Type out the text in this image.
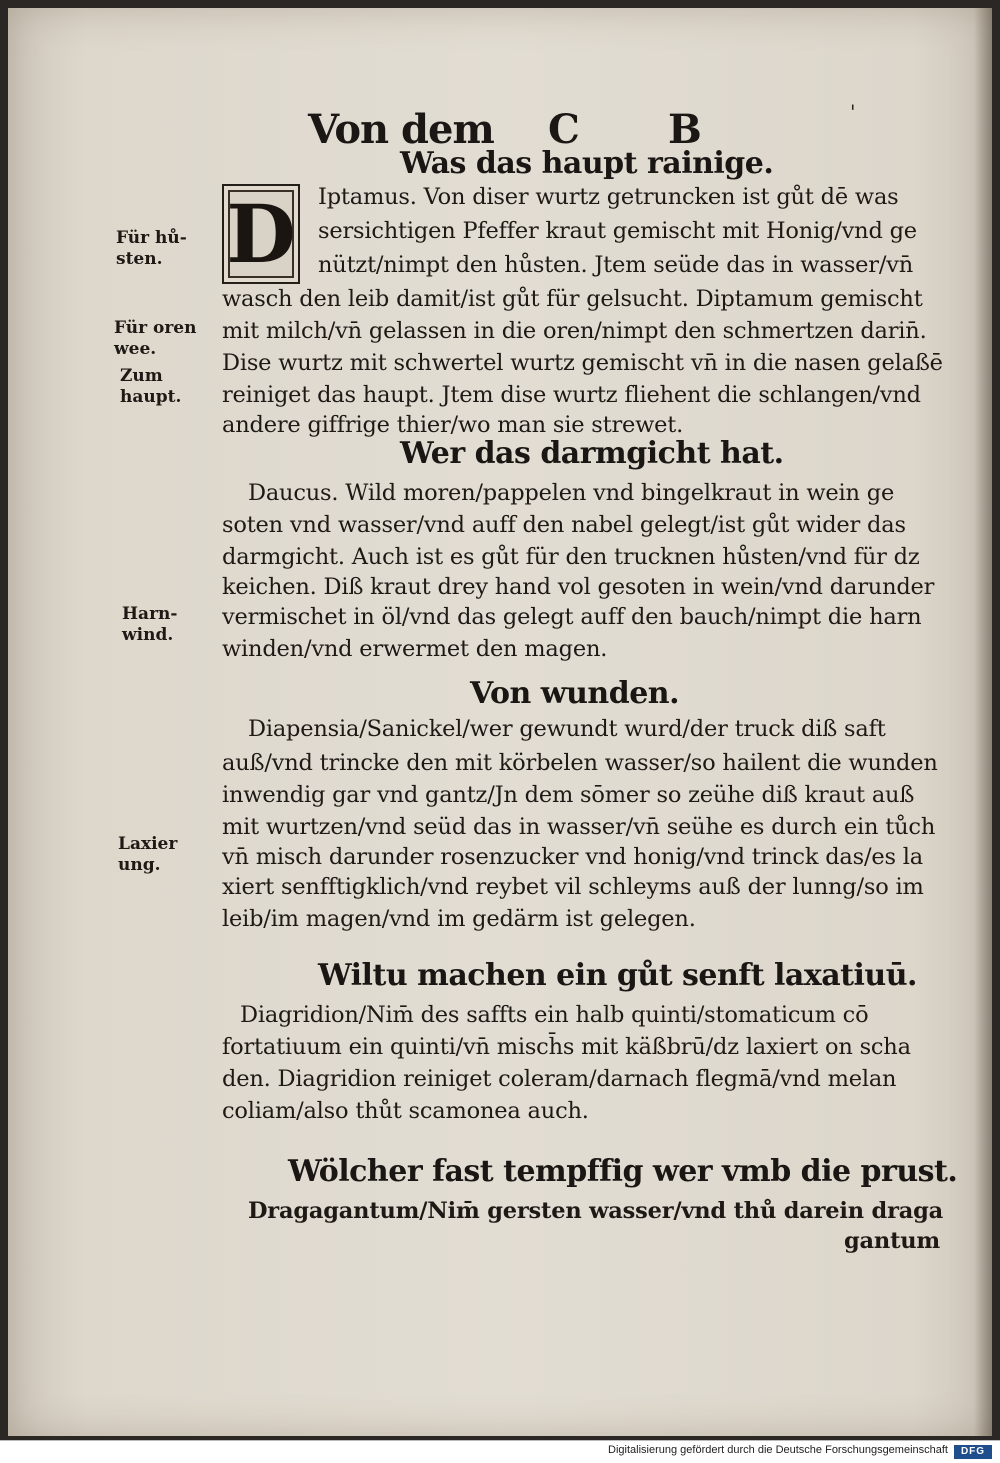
Von dem C B	'
Was das haupt rainige.
D Iptamus. Von diser wurtz getruncken ist gůt dē was
sersichtigen Pfeffer kraut gemischt mit Honig/vnd ge
nützt/nimpt den hůsten. Jtem seüde das in wasser/vn̄
wasch den leib damit/ist gůt für gelsucht. Diptamum gemischt
mit milch/vn̄ gelassen in die oren/nimpt den schmertzen darin̄.
Dise wurtz mit schwertel wurtz gemischt vn̄ in die nasen gelaßē
reiniget das haupt. Jtem dise wurtz fliehent die schlangen/vnd
andere giffrige thier/wo man sie strewet.
Wer das darmgicht hat.
Daucus. Wild moren/pappelen vnd bingelkraut in wein ge
soten vnd wasser/vnd auff den nabel gelegt/ist gůt wider das
darmgicht. Auch ist es gůt für den trucknen hůsten/vnd für dz
keichen. Diß kraut drey hand vol gesoten in wein/vnd darunder
vermischet in öl/vnd das gelegt auff den bauch/nimpt die harn
winden/vnd erwermet den magen.
Von wunden.
Diapensia/Sanickel/wer gewundt wurd/der truck diß saft
auß/vnd trincke den mit körbelen wasser/so hailent die wunden
inwendig gar vnd gantz/Jn dem sōmer so zeühe diß kraut auß
mit wurtzen/vnd seüd das in wasser/vn̄ seühe es durch ein tůch
vn̄ misch darunder rosenzucker vnd honig/vnd trinck das/es la
xiert senfftigklich/vnd reybet vil schleyms auß der lunng/so im
leib/im magen/vnd im gedärm ist gelegen.
Wiltu machen ein gůt senft laxatiuū.
Diagridion/Nim̄ des saffts ein halb quinti/stomaticum cō
fortatiuum ein quinti/vn̄ misch̄s mit käßbrū/dz laxiert on scha
den. Diagridion reiniget coleram/darnach flegmā/vnd melan
coliam/also thůt scamonea auch.
Wölcher fast tempffig wer vmb die prust.
Dragagantum/Nim̄ gersten wasser/vnd thů darein draga
gantum
Für hů-
sten.
Für oren
wee.
Zum
haupt.
Harn-
wind.
Laxier
ung.
Digitalisierung gefördert durch die Deutsche Forschungsgemeinschaft	DFG
